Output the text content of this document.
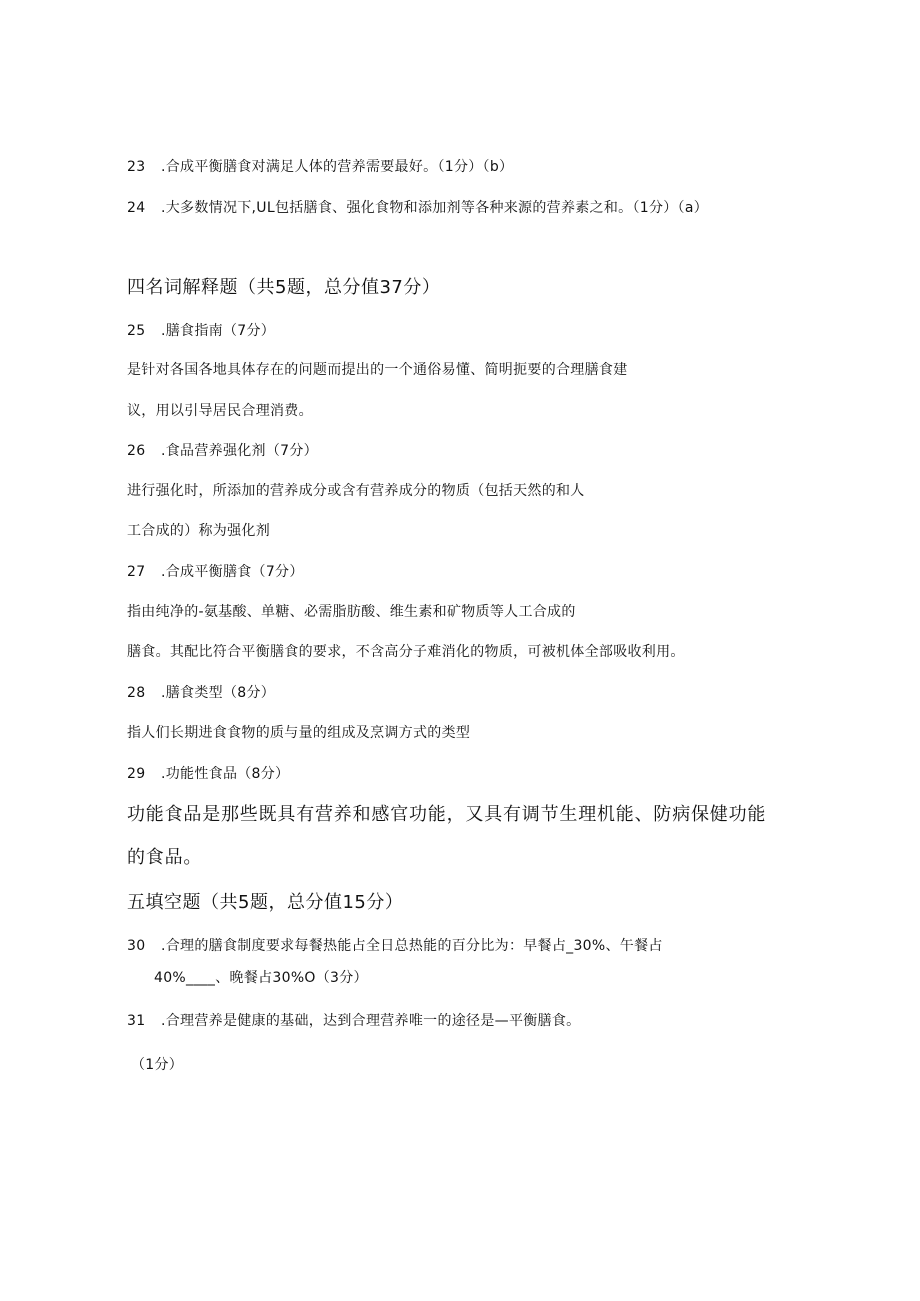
23 .合成平衡膳食对满足人体的营养需要最好。（1分）（b）
24 .大多数情况下,UL包括膳食、强化食物和添加剂等各种来源的营养素之和。（1分）（a）
四名词解释题（共5题，总分值37分）
25 .膳食指南（7分）
是针对各国各地具体存在的问题而提出的一个通俗易懂、简明扼要的合理膳食建
议，用以引导居民合理消费。
26 .食品营养强化剂（7分）
进行强化时，所添加的营养成分或含有营养成分的物质（包括天然的和人
工合成的）称为强化剂
27 .合成平衡膳食（7分）
指由纯净的-氨基酸、单糖、必需脂肪酸、维生素和矿物质等人工合成的
膳食。其配比符合平衡膳食的要求，不含高分子难消化的物质，可被机体全部吸收利用。
28 .膳食类型（8分）
指人们长期进食食物的质与量的组成及烹调方式的类型
29 .功能性食品（8分）
功能食品是那些既具有营养和感官功能，又具有调节生理机能、防病保健功能
的食品。
五填空题（共5题，总分值15分）
30 .合理的膳食制度要求每餐热能占全日总热能的百分比为：早餐占_30%、午餐占
40%____、晚餐占30%O（3分）
31 .合理营养是健康的基础，达到合理营养唯一的途径是—平衡膳食。
（1分）
